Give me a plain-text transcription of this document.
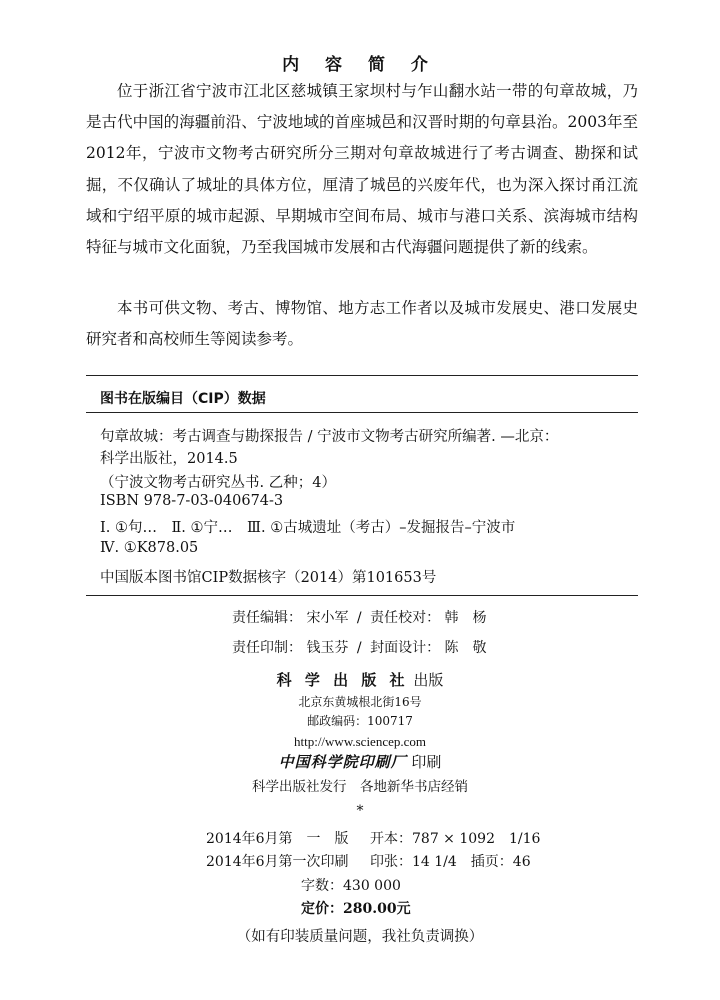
内 容 简 介

位于浙江省宁波市江北区慈城镇王家坝村与乍山翻水站一带的句章故城，乃是古代中国的海疆前沿、宁波地域的首座城邑和汉晋时期的句章县治。2003年至2012年，宁波市文物考古研究所分三期对句章故城进行了考古调查、勘探和试掘，不仅确认了城址的具体方位，厘清了城邑的兴废年代，也为深入探讨甬江流域和宁绍平原的城市起源、早期城市空间布局、城市与港口关系、滨海城市结构特征与城市文化面貌，乃至我国城市发展和古代海疆问题提供了新的线索。

本书可供文物、考古、博物馆、地方志工作者以及城市发展史、港口发展史研究者和高校师生等阅读参考。

图书在版编目（CIP）数据
句章故城：考古调查与勘探报告 / 宁波市文物考古研究所编著. —北京：
科学出版社，2014.5
（宁波文物考古研究丛书. 乙种；4）
ISBN 978-7-03-040674-3
Ⅰ. ①句…　Ⅱ. ①宁…　Ⅲ. ①古城遗址（考古）–发掘报告–宁波市
Ⅳ. ①K878.05
中国版本图书馆CIP数据核字（2014）第101653号
责任编辑： 宋小军 / 责任校对： 韩　杨
责任印制： 钱玉芬 / 封面设计： 陈　敬
科 学 出 版 社 出版
北京东黄城根北街16号
邮政编码：100717
http://www.sciencep.com
中国科学院印刷厂 印刷
科学出版社发行　各地新华书店经销
*
2014年6月第　一　版 开本：787 × 1092　1/16
2014年6月第一次印刷 印张：14 1/4　插页：46
字数：430 000
定价：280.00元
（如有印装质量问题，我社负责调换）
